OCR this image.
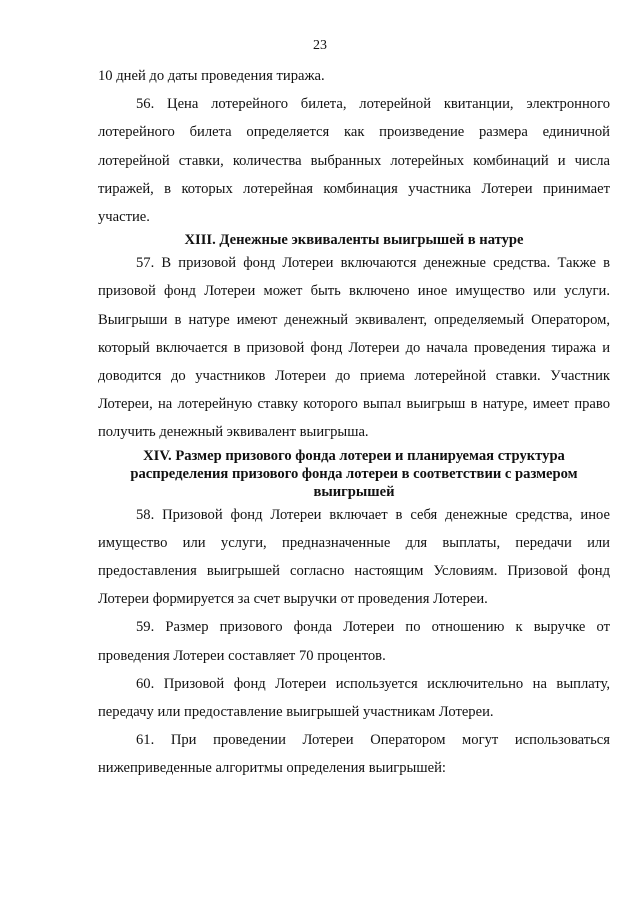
23

10 дней до даты проведения тиража.

56. Цена лотерейного билета, лотерейной квитанции, электронного лотерейного билета определяется как произведение размера единичной лотерейной ставки, количества выбранных лотерейных комбинаций и числа тиражей, в которых лотерейная комбинация участника Лотереи принимает участие.

XIII. Денежные эквиваленты выигрышей в натуре

57. В призовой фонд Лотереи включаются денежные средства. Также в призовой фонд Лотереи может быть включено иное имущество или услуги. Выигрыши в натуре имеют денежный эквивалент, определяемый Оператором, который включается в призовой фонд Лотереи до начала проведения тиража и доводится до участников Лотереи до приема лотерейной ставки. Участник Лотереи, на лотерейную ставку которого выпал выигрыш в натуре, имеет право получить денежный эквивалент выигрыша.

XIV. Размер призового фонда лотереи и планируемая структура распределения призового фонда лотереи в соответствии с размером выигрышей

58. Призовой фонд Лотереи включает в себя денежные средства, иное имущество или услуги, предназначенные для выплаты, передачи или предоставления выигрышей согласно настоящим Условиям. Призовой фонд Лотереи формируется за счет выручки от проведения Лотереи.

59. Размер призового фонда Лотереи по отношению к выручке от проведения Лотереи составляет 70 процентов.

60. Призовой фонд Лотереи используется исключительно на выплату, передачу или предоставление выигрышей участникам Лотереи.

61. При проведении Лотереи Оператором могут использоваться нижеприведенные алгоритмы определения выигрышей:
